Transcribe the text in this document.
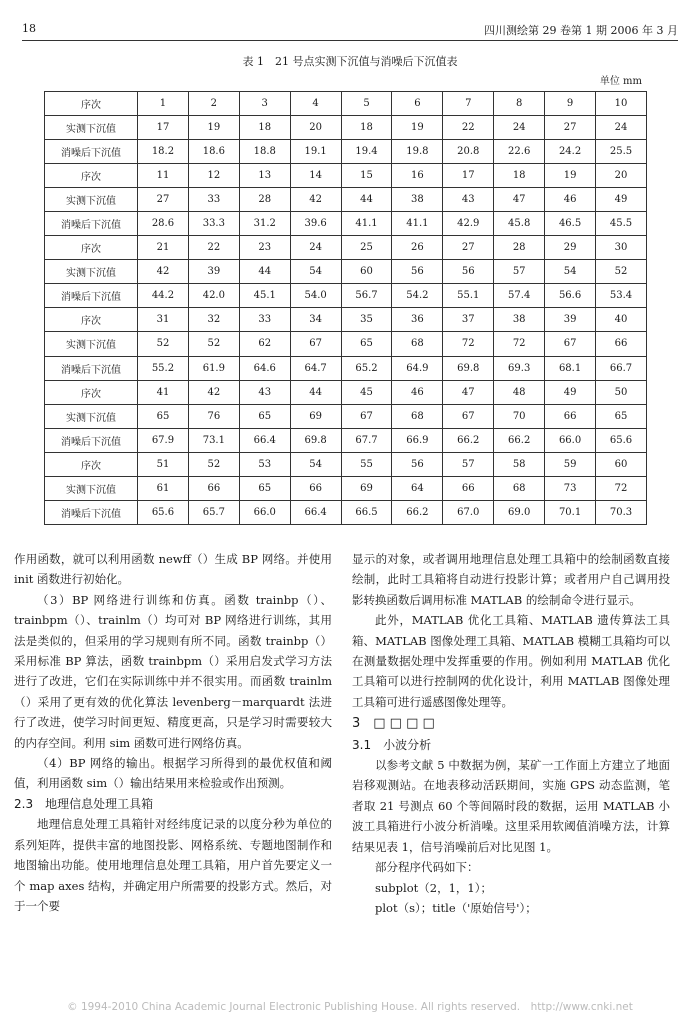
18	四川测绘第 29 卷第 1 期 2006 年 3 月
表 1　21 号点实测下沉值与消噪后下沉值表
单位 mm
序次	1	2	3	4	5	6	7	8	9	10
实测下沉值	17	19	18	20	18	19	22	24	27	24
消噪后下沉值	18.2	18.6	18.8	19.1	19.4	19.8	20.8	22.6	24.2	25.5
序次	11	12	13	14	15	16	17	18	19	20
实测下沉值	27	33	28	42	44	38	43	47	46	49
消噪后下沉值	28.6	33.3	31.2	39.6	41.1	41.1	42.9	45.8	46.5	45.5
序次	21	22	23	24	25	26	27	28	29	30
实测下沉值	42	39	44	54	60	56	56	57	54	52
消噪后下沉值	44.2	42.0	45.1	54.0	56.7	54.2	55.1	57.4	56.6	53.4
序次	31	32	33	34	35	36	37	38	39	40
实测下沉值	52	52	62	67	65	68	72	72	67	66
消噪后下沉值	55.2	61.9	64.6	64.7	65.2	64.9	69.8	69.3	68.1	66.7
序次	41	42	43	44	45	46	47	48	49	50
实测下沉值	65	76	65	69	67	68	67	70	66	65
消噪后下沉值	67.9	73.1	66.4	69.8	67.7	66.9	66.2	66.2	66.0	65.6
序次	51	52	53	54	55	56	57	58	59	60
实测下沉值	61	66	65	66	69	64	66	68	73	72
消噪后下沉值	65.6	65.7	66.0	66.4	66.5	66.2	67.0	69.0	70.1	70.3

作用函数，就可以利用函数 newff（）生成 BP 网络。并使用 init 函数进行初始化。

（3）BP 网络进行训练和仿真。函数 trainbp（）、trainbpm（）、trainlm（）均可对 BP 网络进行训练，其用法是类似的，但采用的学习规则有所不同。函数 trainbp（）采用标准 BP 算法，函数 trainbpm（）采用启发式学习方法进行了改进，它们在实际训练中并不很实用。而函数 trainlm（）采用了更有效的优化算法 levenberg－marquardt 法进行了改进，使学习时间更短、精度更高，只是学习时需要较大的内存空间。利用 sim 函数可进行网络仿真。

（4）BP 网络的输出。根据学习所得到的最优权值和阈值，利用函数 sim（）输出结果用来检验或作出预测。

2.3　地理信息处理工具箱

地理信息处理工具箱针对经纬度记录的以度分秒为单位的系列矩阵，提供丰富的地图投影、网格系统、专题地图制作和地图输出功能。使用地理信息处理工具箱，用户首先要定义一个 map axes 结构，并确定用户所需要的投影方式。然后，对于一个要

显示的对象，或者调用地理信息处理工具箱中的绘制函数直接绘制，此时工具箱将自动进行投影计算；或者用户自己调用投影转换函数后调用标准 MATLAB 的绘制命令进行显示。

此外，MATLAB 优化工具箱、MATLAB 遗传算法工具箱、MATLAB 图像处理工具箱、MATLAB 模糊工具箱均可以在测量数据处理中发挥重要的作用。例如利用 MATLAB 优化工具箱可以进行控制网的优化设计，利用 MATLAB 图像处理工具箱可进行遥感图像处理等。

3　□ □ □ □

3.1　小波分析

以参考文献 5 中数据为例，某矿一工作面上方建立了地面岩移观测站。在地表移动活跃期间，实施 GPS 动态监测，笔者取 21 号测点 60 个等间隔时段的数据，运用 MATLAB 小波工具箱进行小波分析消噪。这里采用软阈值消噪方法，计算结果见表 1，信号消噪前后对比见图 1。

部分程序代码如下：

subplot（2，1，1）；

plot（s）；title（'原始信号'）；

© 1994-2010 China Academic Journal Electronic Publishing House. All rights reserved.　http://www.cnki.net
